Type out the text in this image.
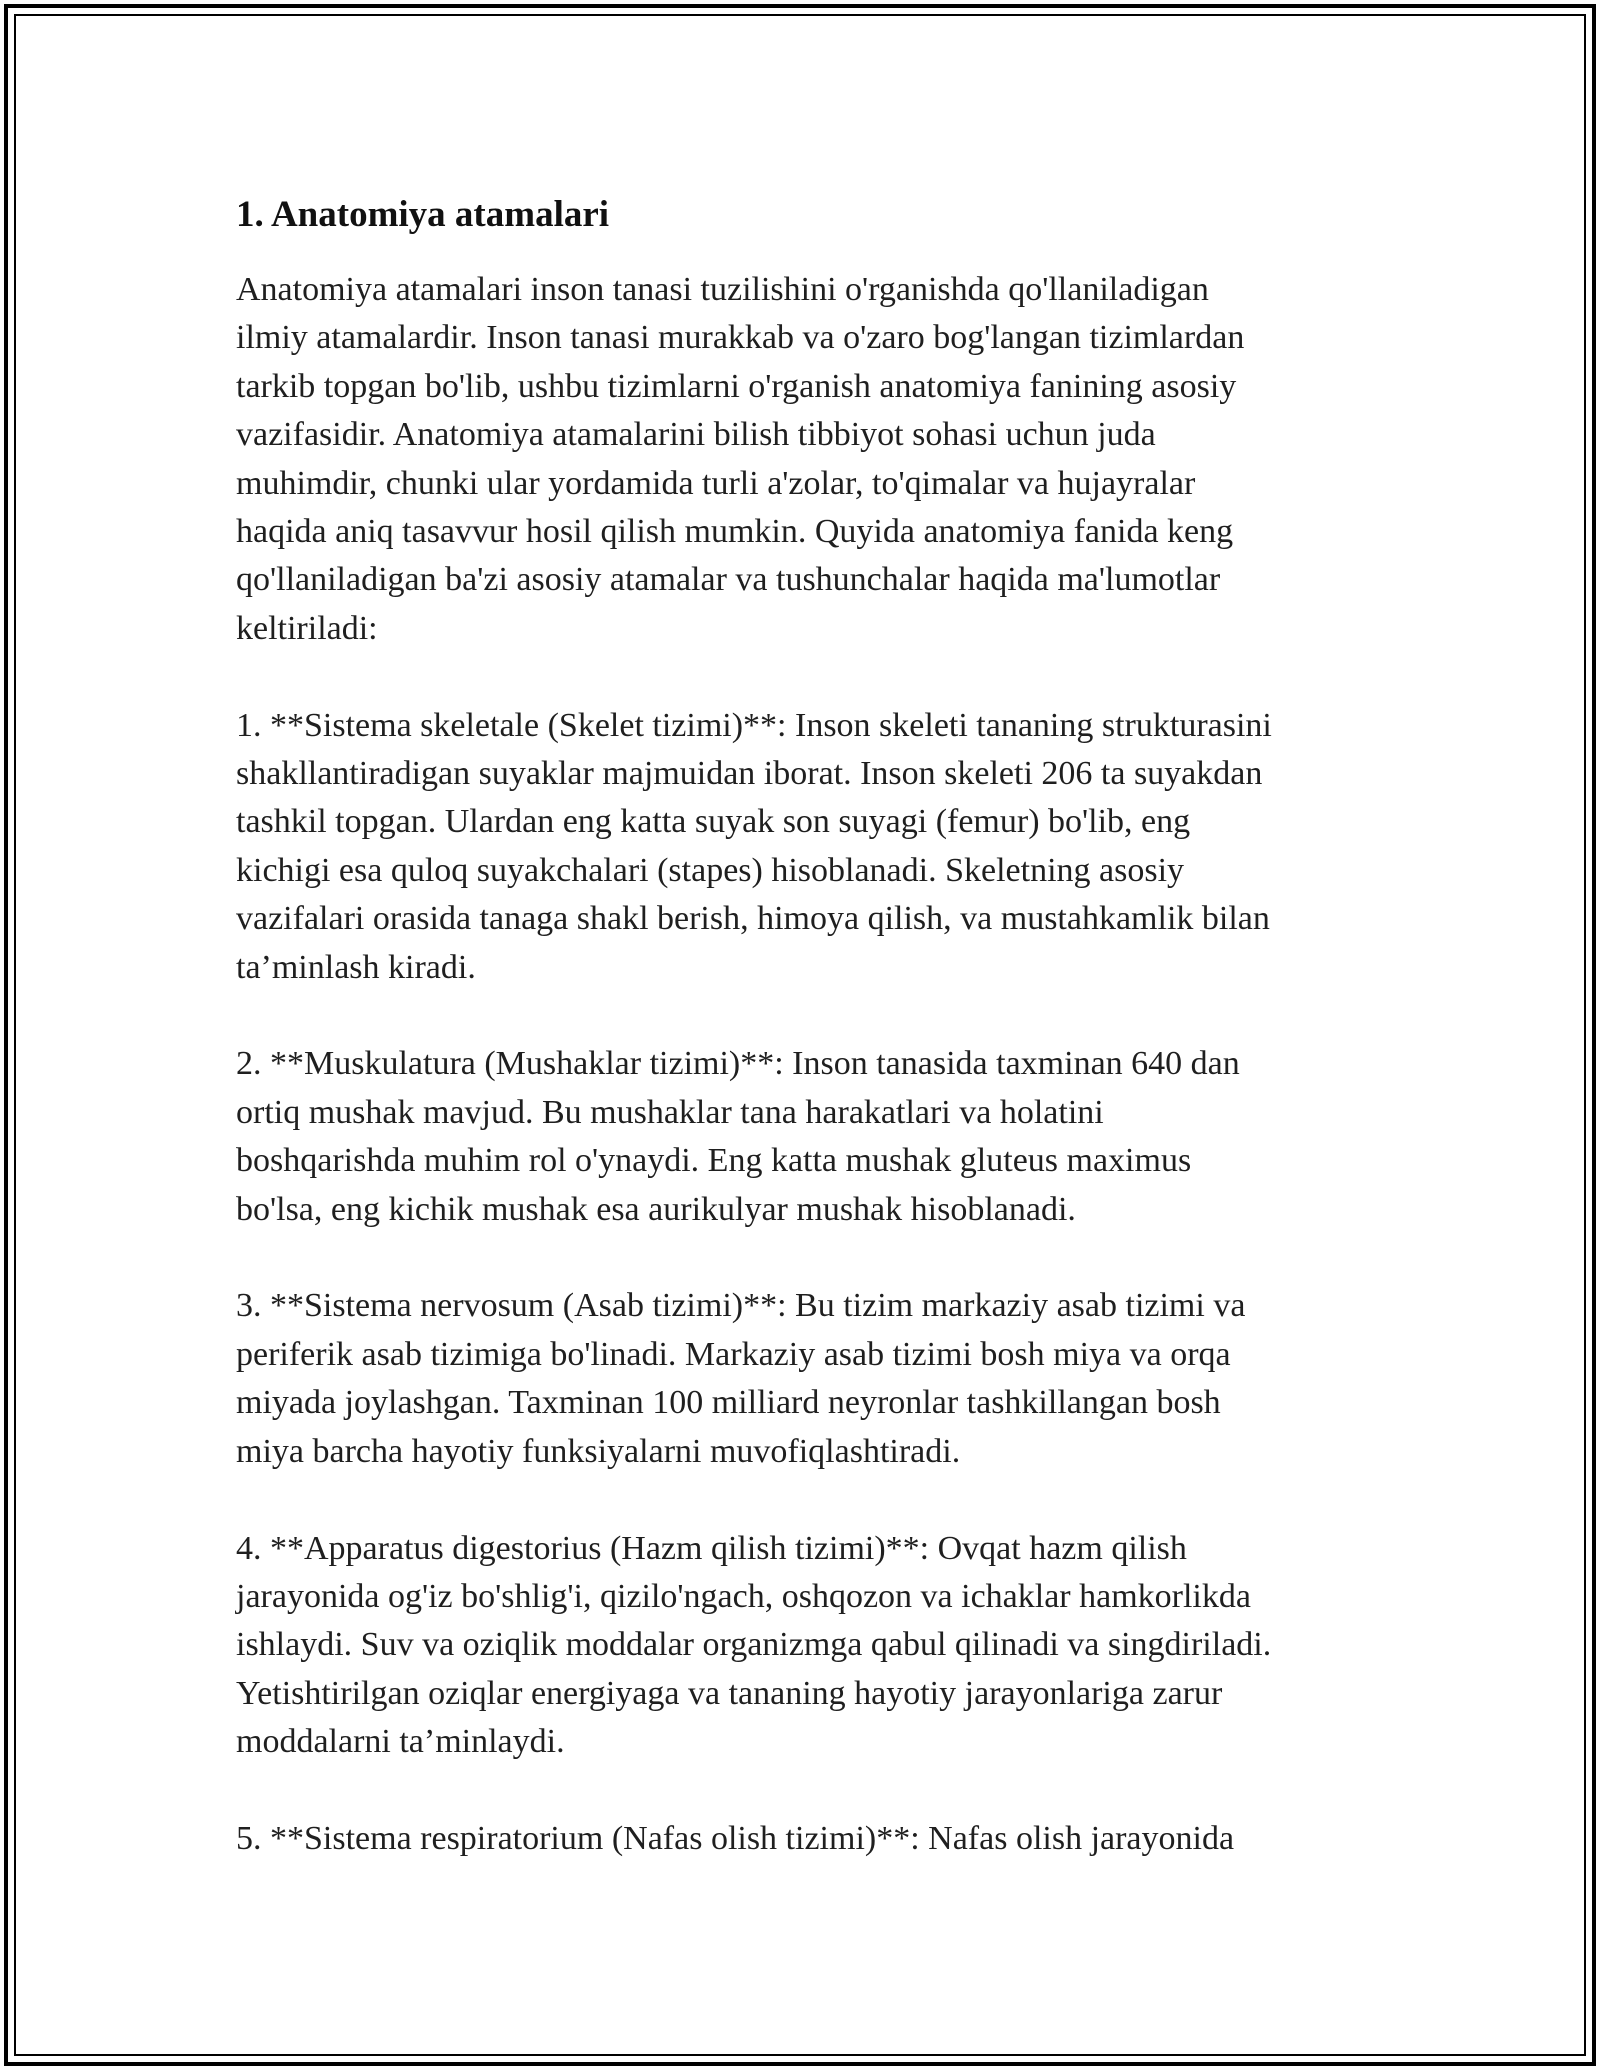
1. Anatomiya atamalari

Anatomiya atamalari inson tanasi tuzilishini o'rganishda qo'llaniladigan
ilmiy atamalardir. Inson tanasi murakkab va o'zaro bog'langan tizimlardan
tarkib topgan bo'lib, ushbu tizimlarni o'rganish anatomiya fanining asosiy
vazifasidir. Anatomiya atamalarini bilish tibbiyot sohasi uchun juda
muhimdir, chunki ular yordamida turli a'zolar, to'qimalar va hujayralar
haqida aniq tasavvur hosil qilish mumkin. Quyida anatomiya fanida keng
qo'llaniladigan ba'zi asosiy atamalar va tushunchalar haqida ma'lumotlar
keltiriladi:

1. **Sistema skeletale (Skelet tizimi)**: Inson skeleti tananing strukturasini
shakllantiradigan suyaklar majmuidan iborat. Inson skeleti 206 ta suyakdan
tashkil topgan. Ulardan eng katta suyak son suyagi (femur) bo'lib, eng
kichigi esa quloq suyakchalari (stapes) hisoblanadi. Skeletning asosiy
vazifalari orasida tanaga shakl berish, himoya qilish, va mustahkamlik bilan
ta’minlash kiradi.

2. **Muskulatura (Mushaklar tizimi)**: Inson tanasida taxminan 640 dan
ortiq mushak mavjud. Bu mushaklar tana harakatlari va holatini
boshqarishda muhim rol o'ynaydi. Eng katta mushak gluteus maximus
bo'lsa, eng kichik mushak esa aurikulyar mushak hisoblanadi.

3. **Sistema nervosum (Asab tizimi)**: Bu tizim markaziy asab tizimi va
periferik asab tizimiga bo'linadi. Markaziy asab tizimi bosh miya va orqa
miyada joylashgan. Taxminan 100 milliard neyronlar tashkillangan bosh
miya barcha hayotiy funksiyalarni muvofiqlashtiradi.

4. **Apparatus digestorius (Hazm qilish tizimi)**: Ovqat hazm qilish
jarayonida og'iz bo'shlig'i, qizilo'ngach, oshqozon va ichaklar hamkorlikda
ishlaydi. Suv va oziqlik moddalar organizmga qabul qilinadi va singdiriladi.
Yetishtirilgan oziqlar energiyaga va tananing hayotiy jarayonlariga zarur
moddalarni ta’minlaydi.

5. **Sistema respiratorium (Nafas olish tizimi)**: Nafas olish jarayonida
